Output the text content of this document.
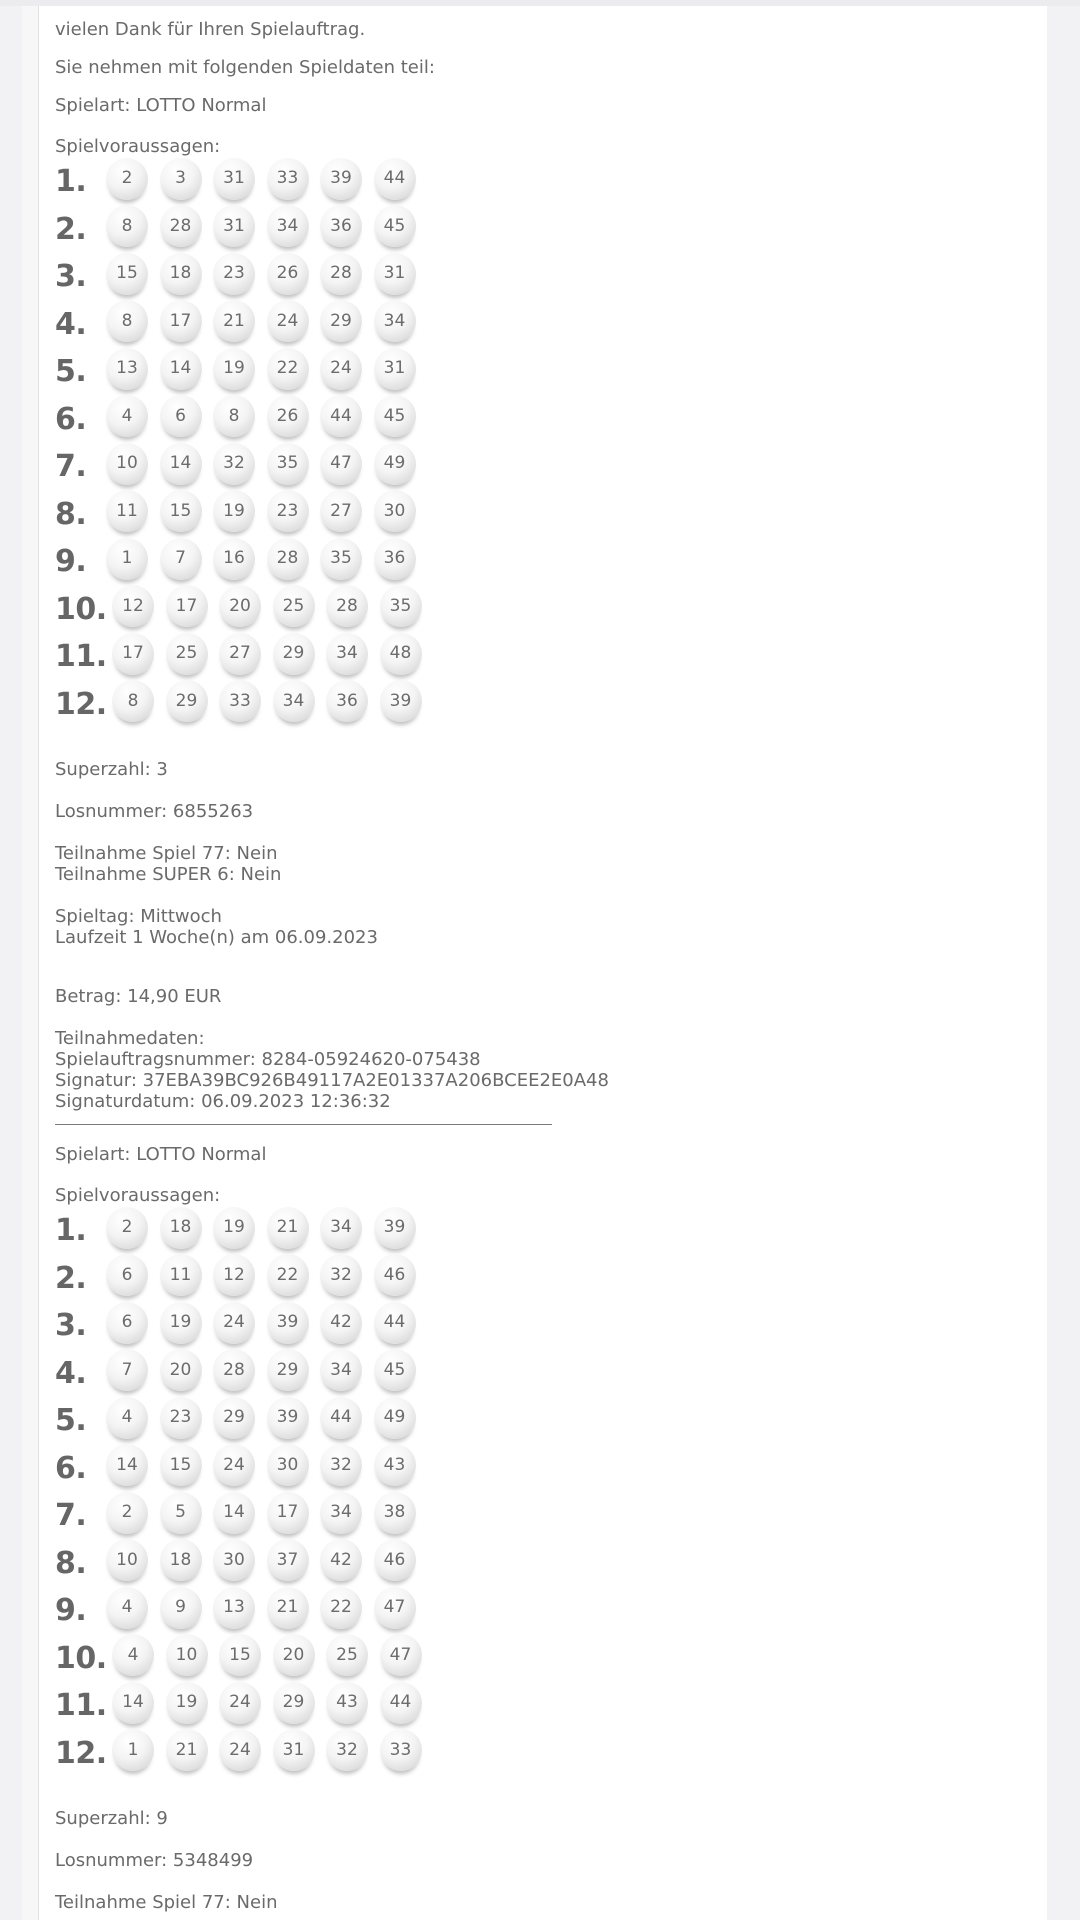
vielen Dank für Ihren Spielauftrag.
Sie nehmen mit folgenden Spieldaten teil:
Spielart: LOTTO Normal
Spielvoraussagen:
1.	2	3	31	33	39	44
2.	8	28	31	34	36	45
3.	15	18	23	26	28	31
4.	8	17	21	24	29	34
5.	13	14	19	22	24	31
6.	4	6	8	26	44	45
7.	10	14	32	35	47	49
8.	11	15	19	23	27	30
9.	1	7	16	28	35	36
10. 12	17	20	25	28	35
11. 17	25	27	29	34	48
12.	8	29	33	34	36	39
Superzahl: 3
Losnummer: 6855263
Teilnahme Spiel 77: Nein
Teilnahme SUPER 6: Nein
Spieltag: Mittwoch
Laufzeit 1 Woche(n) am 06.09.2023
Betrag: 14,90 EUR
Teilnahmedaten:
Spielauftragsnummer: 8284-05924620-075438
Signatur: 37EBA39BC926B49117A2E01337A206BCEE2E0A48
Signaturdatum: 06.09.2023 12:36:32
Spielart: LOTTO Normal
Spielvoraussagen:
1.	2	18	19	21	34	39
2.	6	11	12	22	32	46
3.	6	19	24	39	42	44
4.	7	20	28	29	34	45
5.	4	23	29	39	44	49
6.	14	15	24	30	32	43
7.	2	5	14	17	34	38
8.	10	18	30	37	42	46
9.	4	9	13	21	22	47
10.	4	10	15	20	25	47
11. 14	19	24	29	43	44
12.	1	21	24	31	32	33
Superzahl: 9
Losnummer: 5348499
Teilnahme Spiel 77: Nein
